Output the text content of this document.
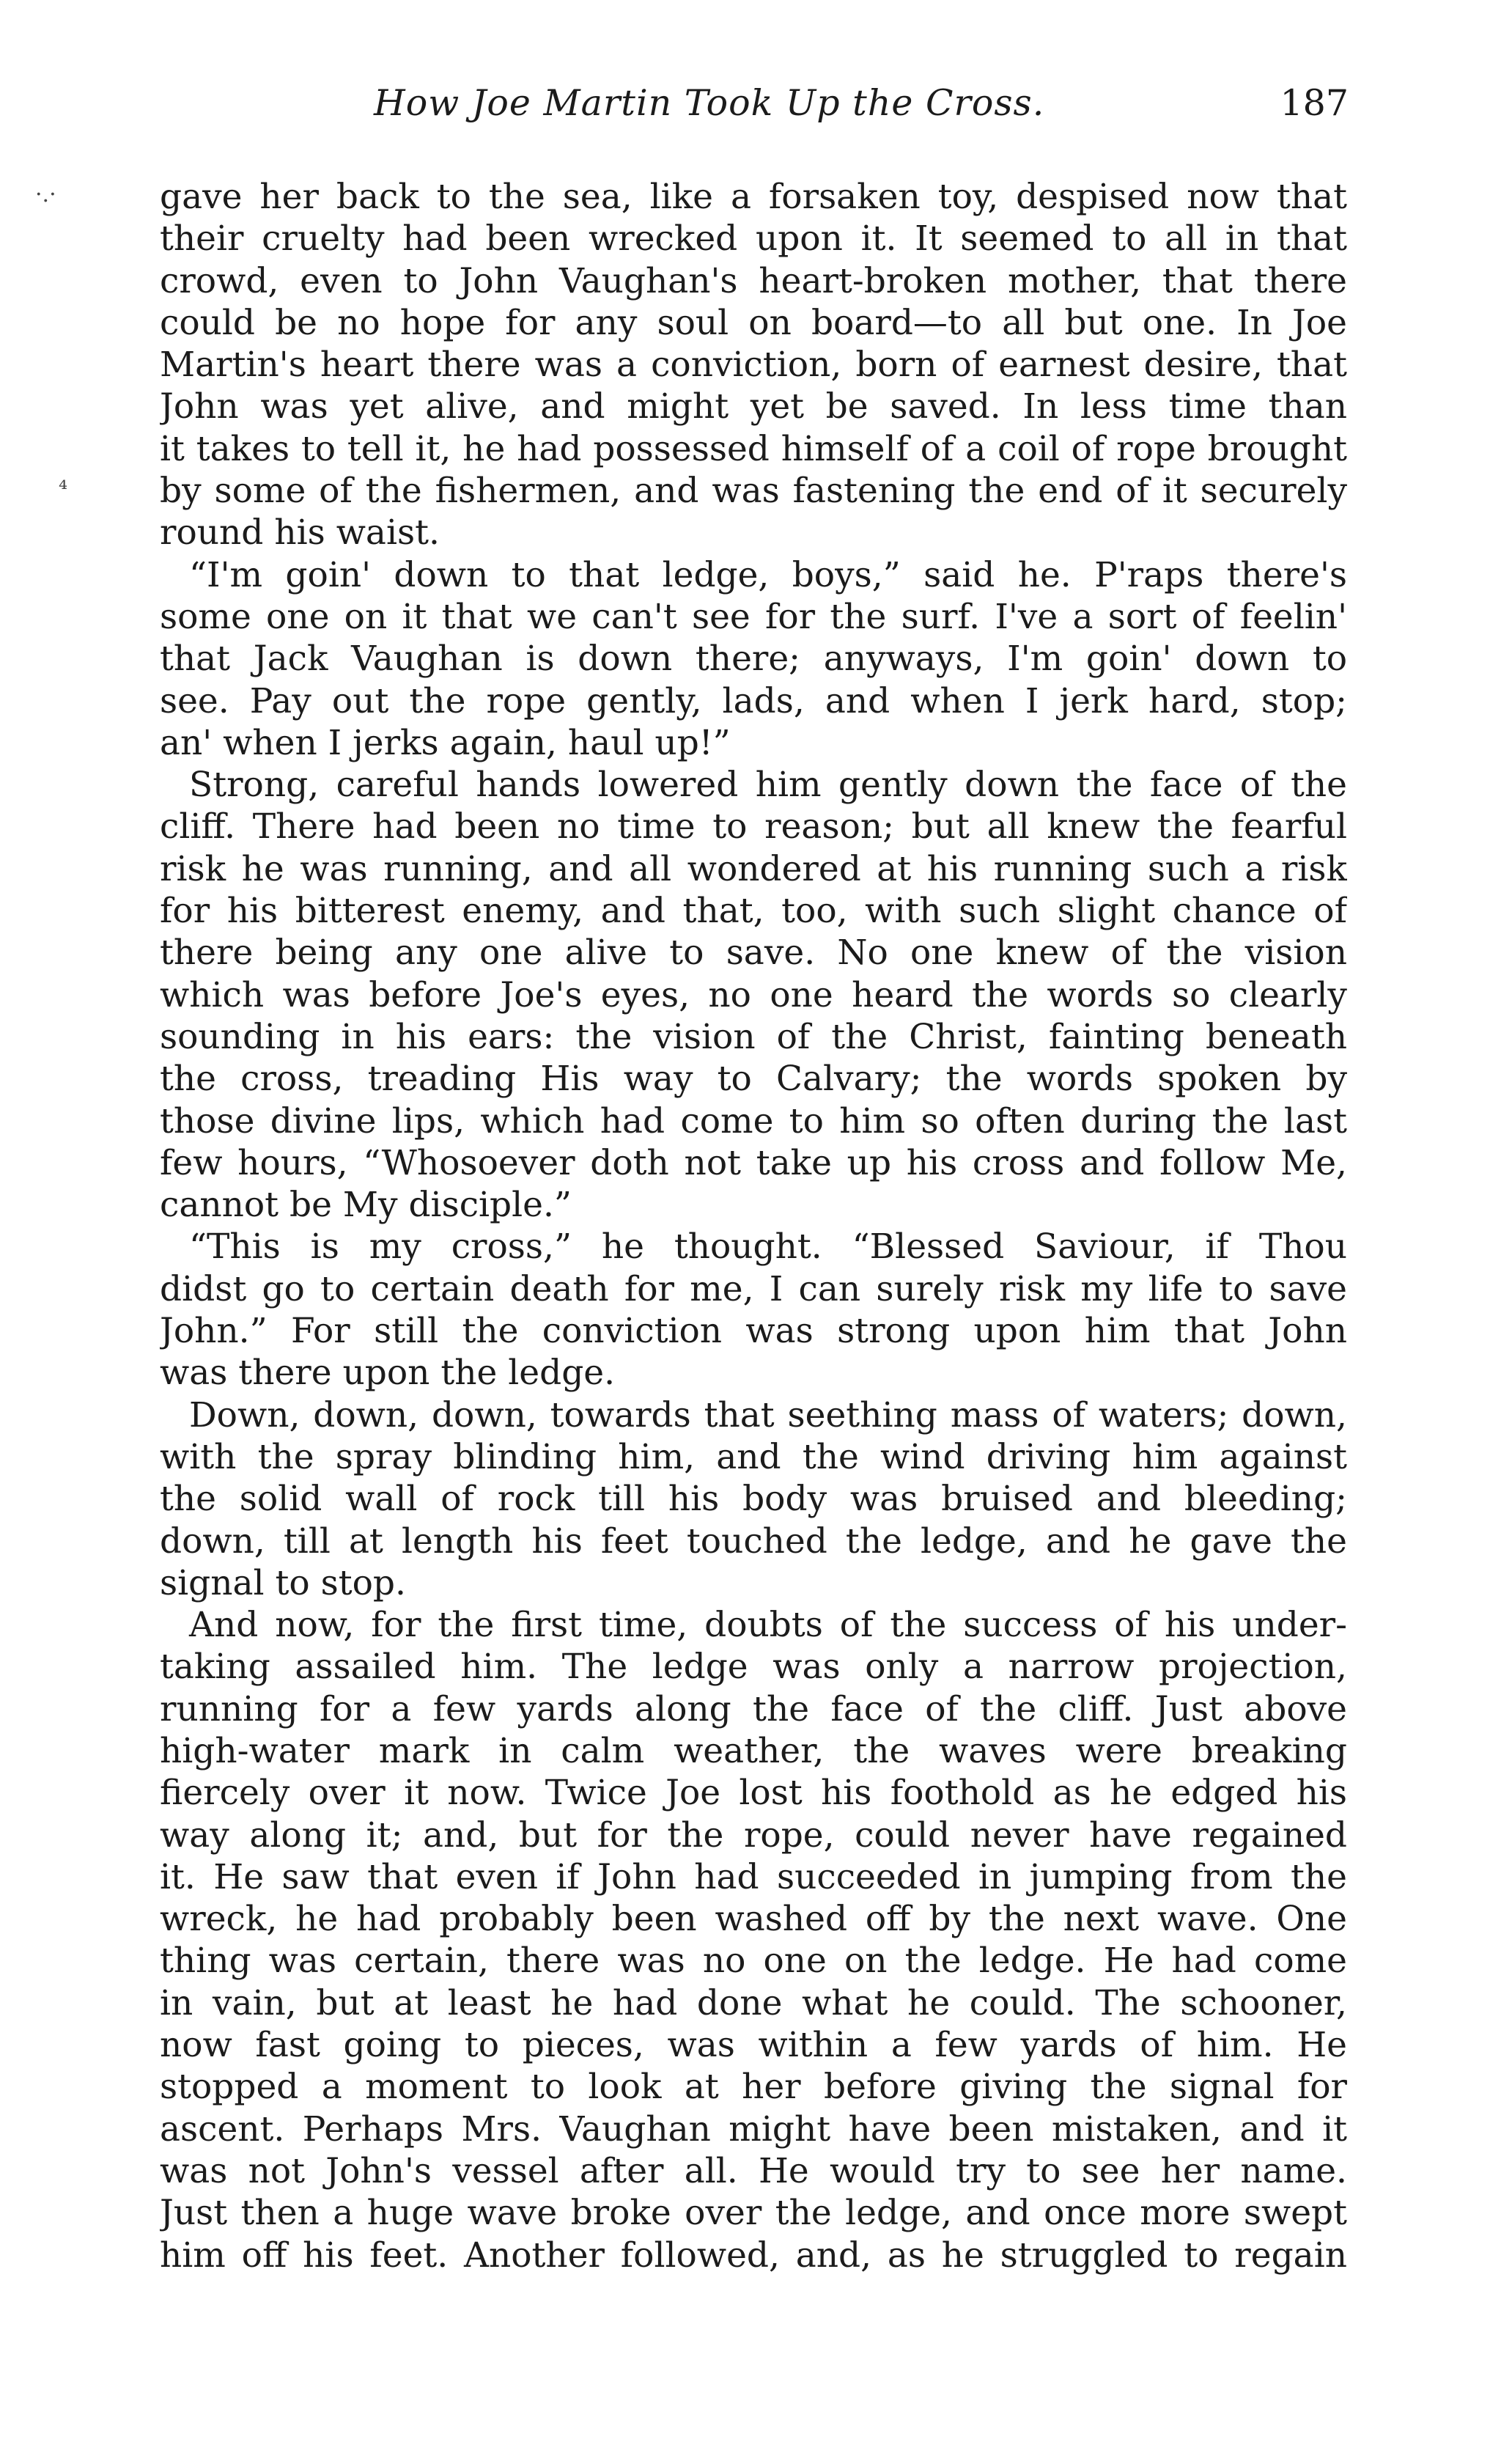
How Joe Martin Took Up the Cross.	187
·.·
⁴
gave her back to the sea, like a forsaken toy, despised now that
their cruelty had been wrecked upon it. It seemed to all in that
crowd, even to John Vaughan's heart-broken mother, that there
could be no hope for any soul on board—to all but one. In Joe
Martin's heart there was a conviction, born of earnest desire, that
John was yet alive, and might yet be saved. In less time than
it takes to tell it, he had possessed himself of a coil of rope brought
by some of the fishermen, and was fastening the end of it securely
round his waist.
“I'm goin' down to that ledge, boys,” said he. P'raps there's
some one on it that we can't see for the surf. I've a sort of feelin'
that Jack Vaughan is down there; anyways, I'm goin' down to
see. Pay out the rope gently, lads, and when I jerk hard, stop;
an' when I jerks again, haul up!”
Strong, careful hands lowered him gently down the face of the
cliff. There had been no time to reason; but all knew the fearful
risk he was running, and all wondered at his running such a risk
for his bitterest enemy, and that, too, with such slight chance of
there being any one alive to save. No one knew of the vision
which was before Joe's eyes, no one heard the words so clearly
sounding in his ears: the vision of the Christ, fainting beneath
the cross, treading His way to Calvary; the words spoken by
those divine lips, which had come to him so often during the last
few hours, “Whosoever doth not take up his cross and follow Me,
cannot be My disciple.”
“This is my cross,” he thought. “Blessed Saviour, if Thou
didst go to certain death for me, I can surely risk my life to save
John.” For still the conviction was strong upon him that John
was there upon the ledge.
Down, down, down, towards that seething mass of waters; down,
with the spray blinding him, and the wind driving him against
the solid wall of rock till his body was bruised and bleeding;
down, till at length his feet touched the ledge, and he gave the
signal to stop.
And now, for the first time, doubts of the success of his under-
taking assailed him. The ledge was only a narrow projection,
running for a few yards along the face of the cliff. Just above
high-water mark in calm weather, the waves were breaking
fiercely over it now. Twice Joe lost his foothold as he edged his
way along it; and, but for the rope, could never have regained
it. He saw that even if John had succeeded in jumping from the
wreck, he had probably been washed off by the next wave. One
thing was certain, there was no one on the ledge. He had come
in vain, but at least he had done what he could. The schooner,
now fast going to pieces, was within a few yards of him. He
stopped a moment to look at her before giving the signal for
ascent. Perhaps Mrs. Vaughan might have been mistaken, and it
was not John's vessel after all. He would try to see her name.
Just then a huge wave broke over the ledge, and once more swept
him off his feet. Another followed, and, as he struggled to regain
